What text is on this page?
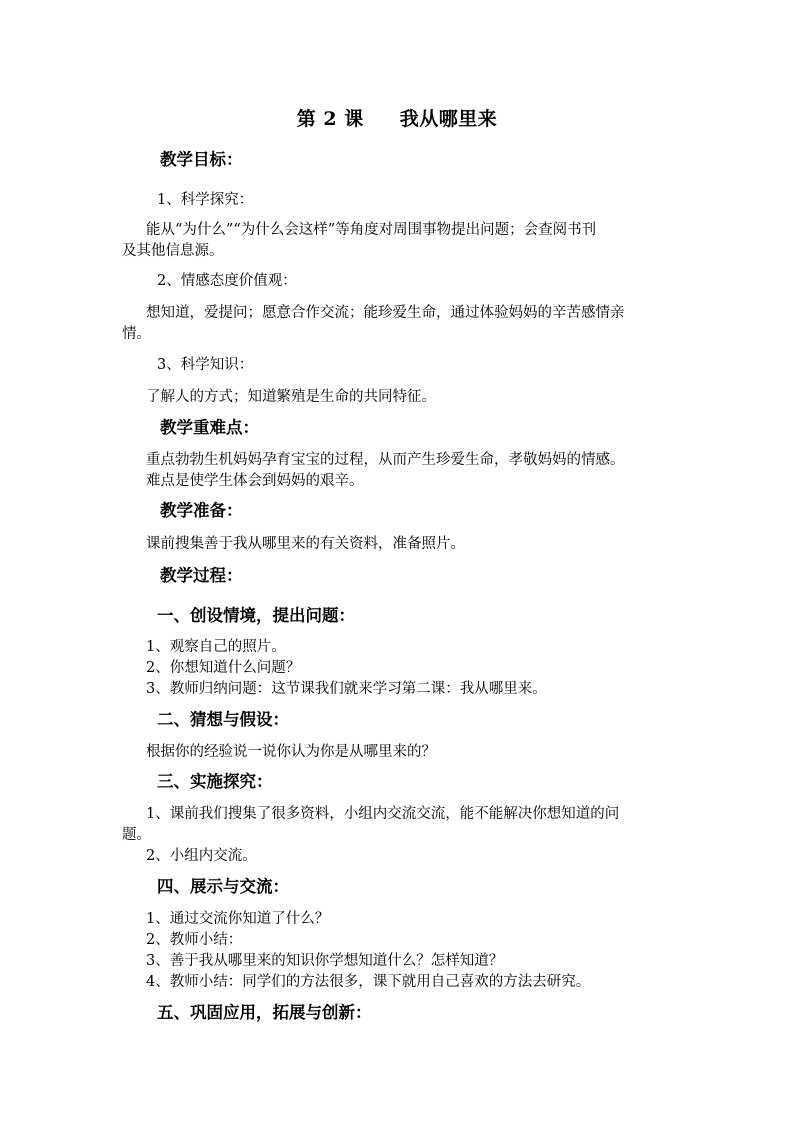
第 2 课 我从哪里来
教学目标：
1、科学探究：
能从“为什么”“为什么会这样”等角度对周围事物提出问题；会查阅书刊
及其他信息源。
2、情感态度价值观：
想知道，爱提问；愿意合作交流；能珍爱生命，通过体验妈妈的辛苦感情亲
情。
3、科学知识：
了解人的方式；知道繁殖是生命的共同特征。
教学重难点：
重点勃勃生机妈妈孕育宝宝的过程，从而产生珍爱生命，孝敬妈妈的情感。
难点是使学生体会到妈妈的艰辛。
教学准备：
课前搜集善于我从哪里来的有关资料，准备照片。
教学过程：
一、创设情境，提出问题：
1、观察自己的照片。
2、你想知道什么问题？
3、教师归纳问题：这节课我们就来学习第二课：我从哪里来。
二、猜想与假设：
根据你的经验说一说你认为你是从哪里来的？
三、实施探究：
1、课前我们搜集了很多资料，小组内交流交流，能不能解决你想知道的问
题。
2、小组内交流。
四、展示与交流：
1、通过交流你知道了什么？
2、教师小结：
3、善于我从哪里来的知识你学想知道什么？怎样知道？
4、教师小结：同学们的方法很多，课下就用自己喜欢的方法去研究。
五、巩固应用，拓展与创新：
